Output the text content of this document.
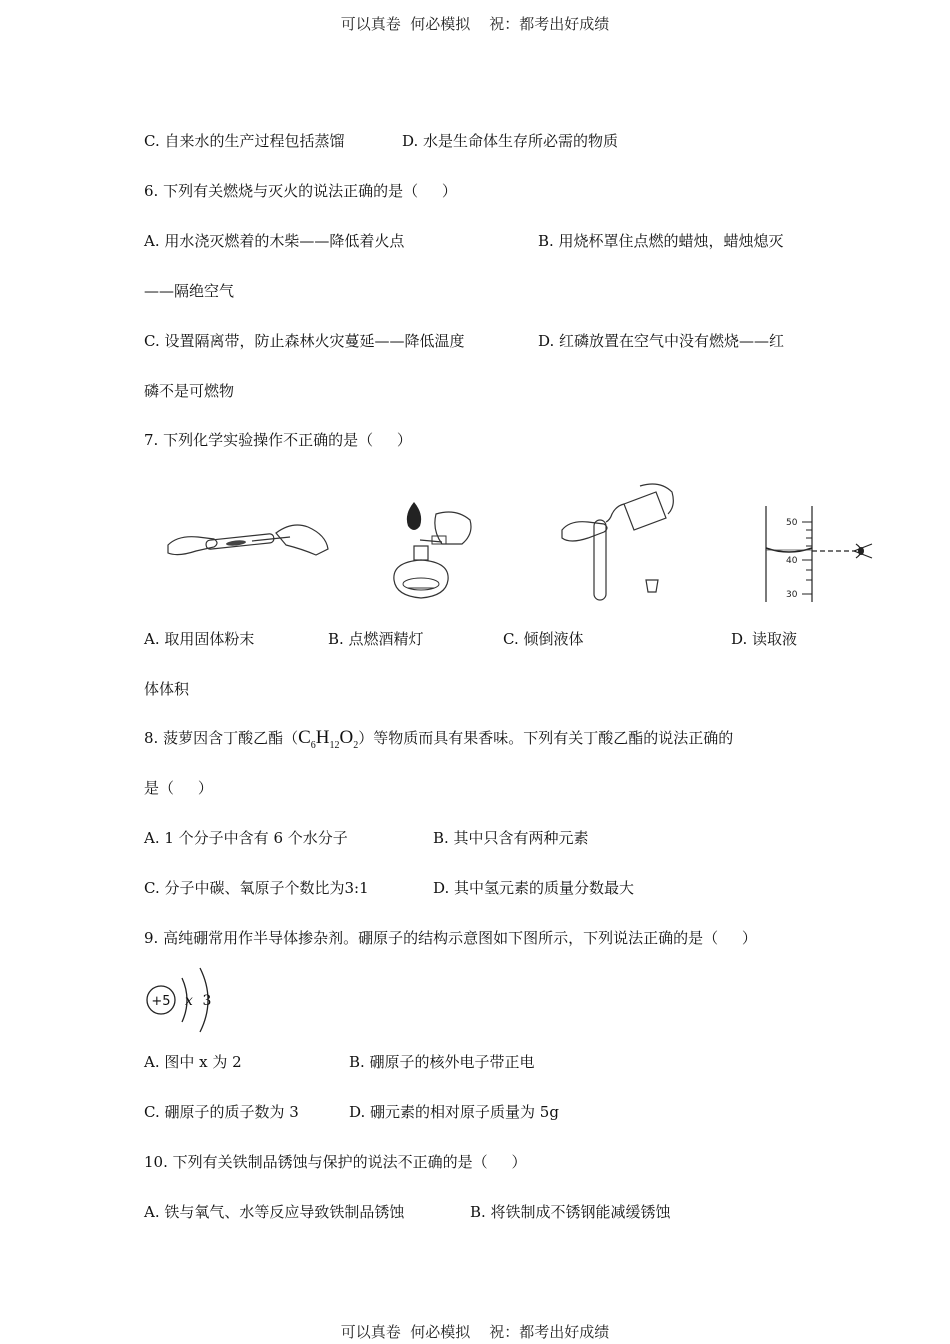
可以真卷  何必模拟    祝：都考出好成绩

C. 自来水的生产过程包括蒸馏

	D. 水是生命体生存所必需的物质

6. 下列有关燃烧与灭火的说法正确的是（     ）

A. 用水浇灭燃着的木柴——降低着火点

	B. 用烧杯罩住点燃的蜡烛，蜡烛熄灭

——隔绝空气

C. 设置隔离带，防止森林火灾蔓延——降低温度

	D. 红磷放置在空气中没有燃烧——红

磷不是可燃物

7. 下列化学实验操作不正确的是（     ）

50
40
30

A. 取用固体粉末

	B. 点燃酒精灯

	C. 倾倒液体

	D. 读取液

体体积

8. 菠萝因含丁酸乙酯$(C_6H_{12}O_2)$等物质而具有果香味。下列有关丁酸乙酯的说法正确的

是（     ）

A. 1 个分子中含有 6 个水分子

	B. 其中只含有两种元素

C. 分子中碳、氧原子个数比为3:1

	D. 其中氢元素的质量分数最大

9. 高纯硼常用作半导体掺杂剂。硼原子的结构示意图如下图所示，下列说法正确的是（     ）

+5 x 3

A. 图中 x 为 2

	B. 硼原子的核外电子带正电

C. 硼原子的质子数为 3

	D. 硼元素的相对原子质量为 5g

10. 下列有关铁制品锈蚀与保护的说法不正确的是（     ）

A. 铁与氧气、水等反应导致铁制品锈蚀

	B. 将铁制成不锈钢能减缓锈蚀

可以真卷  何必模拟    祝：都考出好成绩
